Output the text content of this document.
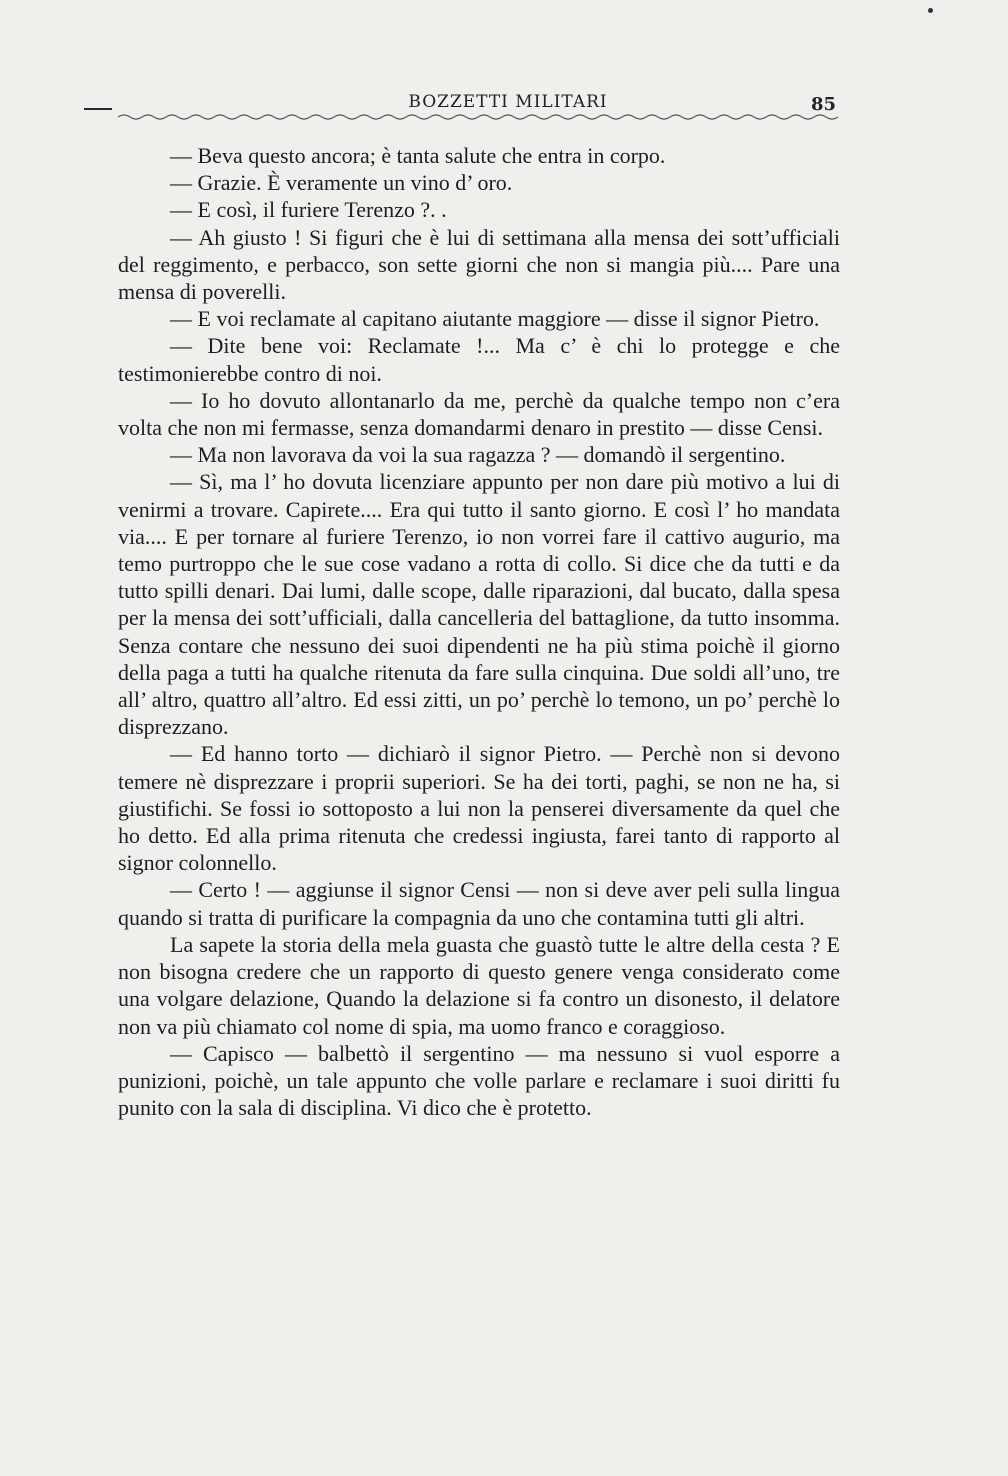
BOZZETTI MILITARI	85

— Beva questo ancora; è tanta salute che entra in corpo.

— Grazie. È veramente un vino d’ oro.

— E così, il furiere Terenzo ?. .

— Ah giusto ! Si figuri che è lui di settimana alla mensa dei sott’ufficiali del reggimento, e perbacco, son sette giorni che non si mangia più.... Pare una mensa di poverelli.

— E voi reclamate al capitano aiutante maggiore — disse il signor Pietro.

— Dite bene voi: Reclamate !... Ma c’ è chi lo protegge e che testimonierebbe contro di noi.

— Io ho dovuto allontanarlo da me, perchè da qualche tempo non c’era volta che non mi fermasse, senza domandarmi denaro in prestito — disse Censi.

— Ma non lavorava da voi la sua ragazza ? — domandò il sergentino.

— Sì, ma l’ ho dovuta licenziare appunto per non dare più motivo a lui di venirmi a trovare. Capirete.... Era qui tutto il santo giorno. E così l’ ho mandata via.... E per tornare al furiere Terenzo, io non vorrei fare il cattivo augurio, ma temo purtroppo che le sue cose vadano a rotta di collo. Si dice che da tutti e da tutto spilli denari. Dai lumi, dalle scope, dalle riparazioni, dal bucato, dalla spesa per la mensa dei sott’ufficiali, dalla cancelleria del battaglione, da tutto insomma. Senza contare che nessuno dei suoi dipendenti ne ha più stima poichè il giorno della paga a tutti ha qualche ritenuta da fare sulla cinquina. Due soldi all’uno, tre all’ altro, quattro all’altro. Ed essi zitti, un po’ perchè lo temono, un po’ perchè lo disprezzano.

— Ed hanno torto — dichiarò il signor Pietro. — Perchè non si devono temere nè disprezzare i proprii superiori. Se ha dei torti, paghi, se non ne ha, si giustifichi. Se fossi io sottoposto a lui non la penserei diversamente da quel che ho detto. Ed alla prima ritenuta che credessi ingiusta, farei tanto di rapporto al signor colonnello.

— Certo ! — aggiunse il signor Censi — non si deve aver peli sulla lingua quando si tratta di purificare la compagnia da uno che contamina tutti gli altri.

La sapete la storia della mela guasta che guastò tutte le altre della cesta ? E non bisogna credere che un rapporto di questo genere venga considerato come una volgare delazione, Quando la delazione si fa contro un disonesto, il delatore non va più chiamato col nome di spia, ma uomo franco e coraggioso.

— Capisco — balbettò il sergentino — ma nessuno si vuol esporre a punizioni, poichè, un tale appunto che volle parlare e reclamare i suoi diritti fu punito con la sala di disciplina. Vi dico che è protetto.
